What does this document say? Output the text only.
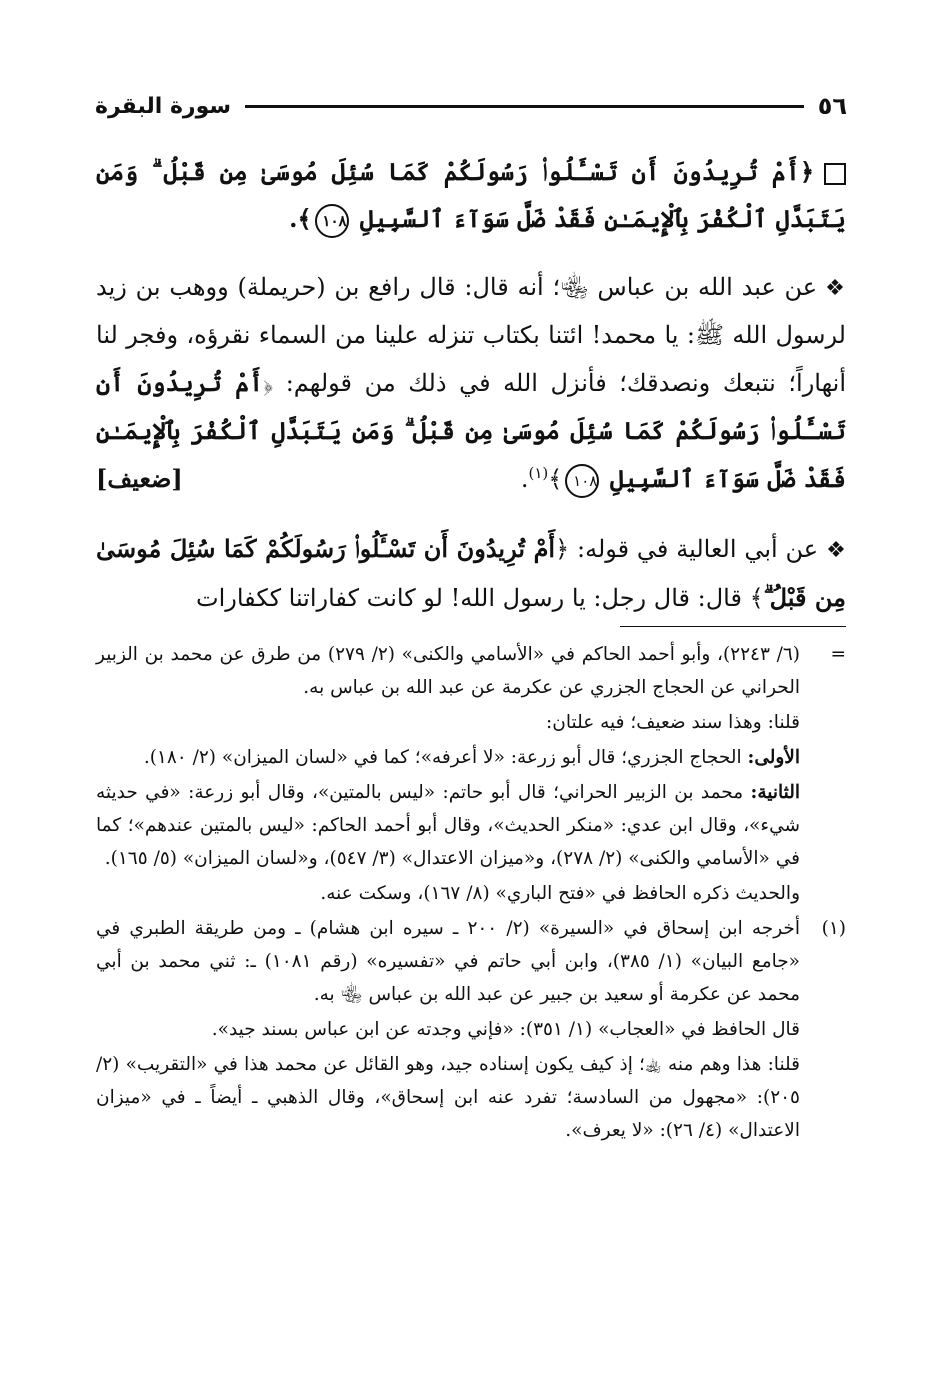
٥٦
سورة البقرة

﴿أَمْ تُرِيدُونَ أَن تَسْـَٔلُوا۟ رَسُولَكُمْ كَمَا سُئِلَ مُوسَىٰ مِن قَبْلُ ۗ وَمَن يَتَبَدَّلِ ٱلْكُفْرَ بِٱلْإِيمَـٰنِ فَقَدْ ضَلَّ سَوَآءَ ٱلسَّبِيلِ ١٠٨﴾.

❖عن عبد الله بن عباس ﵄؛ أنه قال: قال رافع بن (حريملة) ووهب بن زيد لرسول الله ﷺ: يا محمد! ائتنا بكتاب تنزله علينا من السماء نقرؤه، وفجر لنا أنهاراً؛ نتبعك ونصدقك؛ فأنزل الله في ذلك من قولهم: ﴿أَمْ تُرِيدُونَ أَن تَسْـَٔلُوا۟ رَسُولَكُمْ كَمَا سُئِلَ مُوسَىٰ مِن قَبْلُ ۗ وَمَن يَتَبَدَّلِ ٱلْكُفْرَ بِٱلْإِيمَـٰنِ فَقَدْ ضَلَّ سَوَآءَ ٱلسَّبِيلِ ١٠٨﴾$^{(١)}$.
[ضعيف]

❖عن أبي العالية في قوله: ﴿أَمْ تُرِيدُونَ أَن تَسْـَٔلُوا۟ رَسُولَكُمْ كَمَا سُئِلَ مُوسَىٰ مِن قَبْلُ ۗ﴾ قال: قال رجل: يا رسول الله! لو كانت كفاراتنا ككفارات

=

(٦/ ٢٢٤٣)، وأبو أحمد الحاكم في «الأسامي والكنى» (٢/ ٢٧٩) من طرق عن محمد بن الزبير الحراني عن الحجاج الجزري عن عكرمة عن عبد الله بن عباس به.

قلنا: وهذا سند ضعيف؛ فيه علتان:

الأولى: الحجاج الجزري؛ قال أبو زرعة: «لا أعرفه»؛ كما في «لسان الميزان» (٢/ ١٨٠).

الثانية: محمد بن الزبير الحراني؛ قال أبو حاتم: «ليس بالمتين»، وقال أبو زرعة: «في حديثه شيء»، وقال ابن عدي: «منكر الحديث»، وقال أبو أحمد الحاكم: «ليس بالمتين عندهم»؛ كما في «الأسامي والكنى» (٢/ ٢٧٨)، و«ميزان الاعتدال» (٣/ ٥٤٧)، و«لسان الميزان» (٥/ ١٦٥).

والحديث ذكره الحافظ في «فتح الباري» (٨/ ١٦٧)، وسكت عنه.

(١)

أخرجه ابن إسحاق في «السيرة» (٢/ ٢٠٠ ـ سيره ابن هشام) ـ ومن طريقة الطبري في «جامع البيان» (١/ ٣٨٥)، وابن أبي حاتم في «تفسيره» (رقم ١٠٨١) ـ: ثني محمد بن أبي محمد عن عكرمة أو سعيد بن جبير عن عبد الله بن عباس ﵄ به.

قال الحافظ في «العجاب» (١/ ٣٥١): «فإني وجدته عن ابن عباس بسند جيد».

قلنا: هذا وهم منه ﵀؛ إذ كيف يكون إسناده جيد، وهو القائل عن محمد هذا في «التقريب» (٢/ ٢٠٥): «مجهول من السادسة؛ تفرد عنه ابن إسحاق»، وقال الذهبي ـ أيضاً ـ في «ميزان الاعتدال» (٤/ ٢٦): «لا يعرف».
